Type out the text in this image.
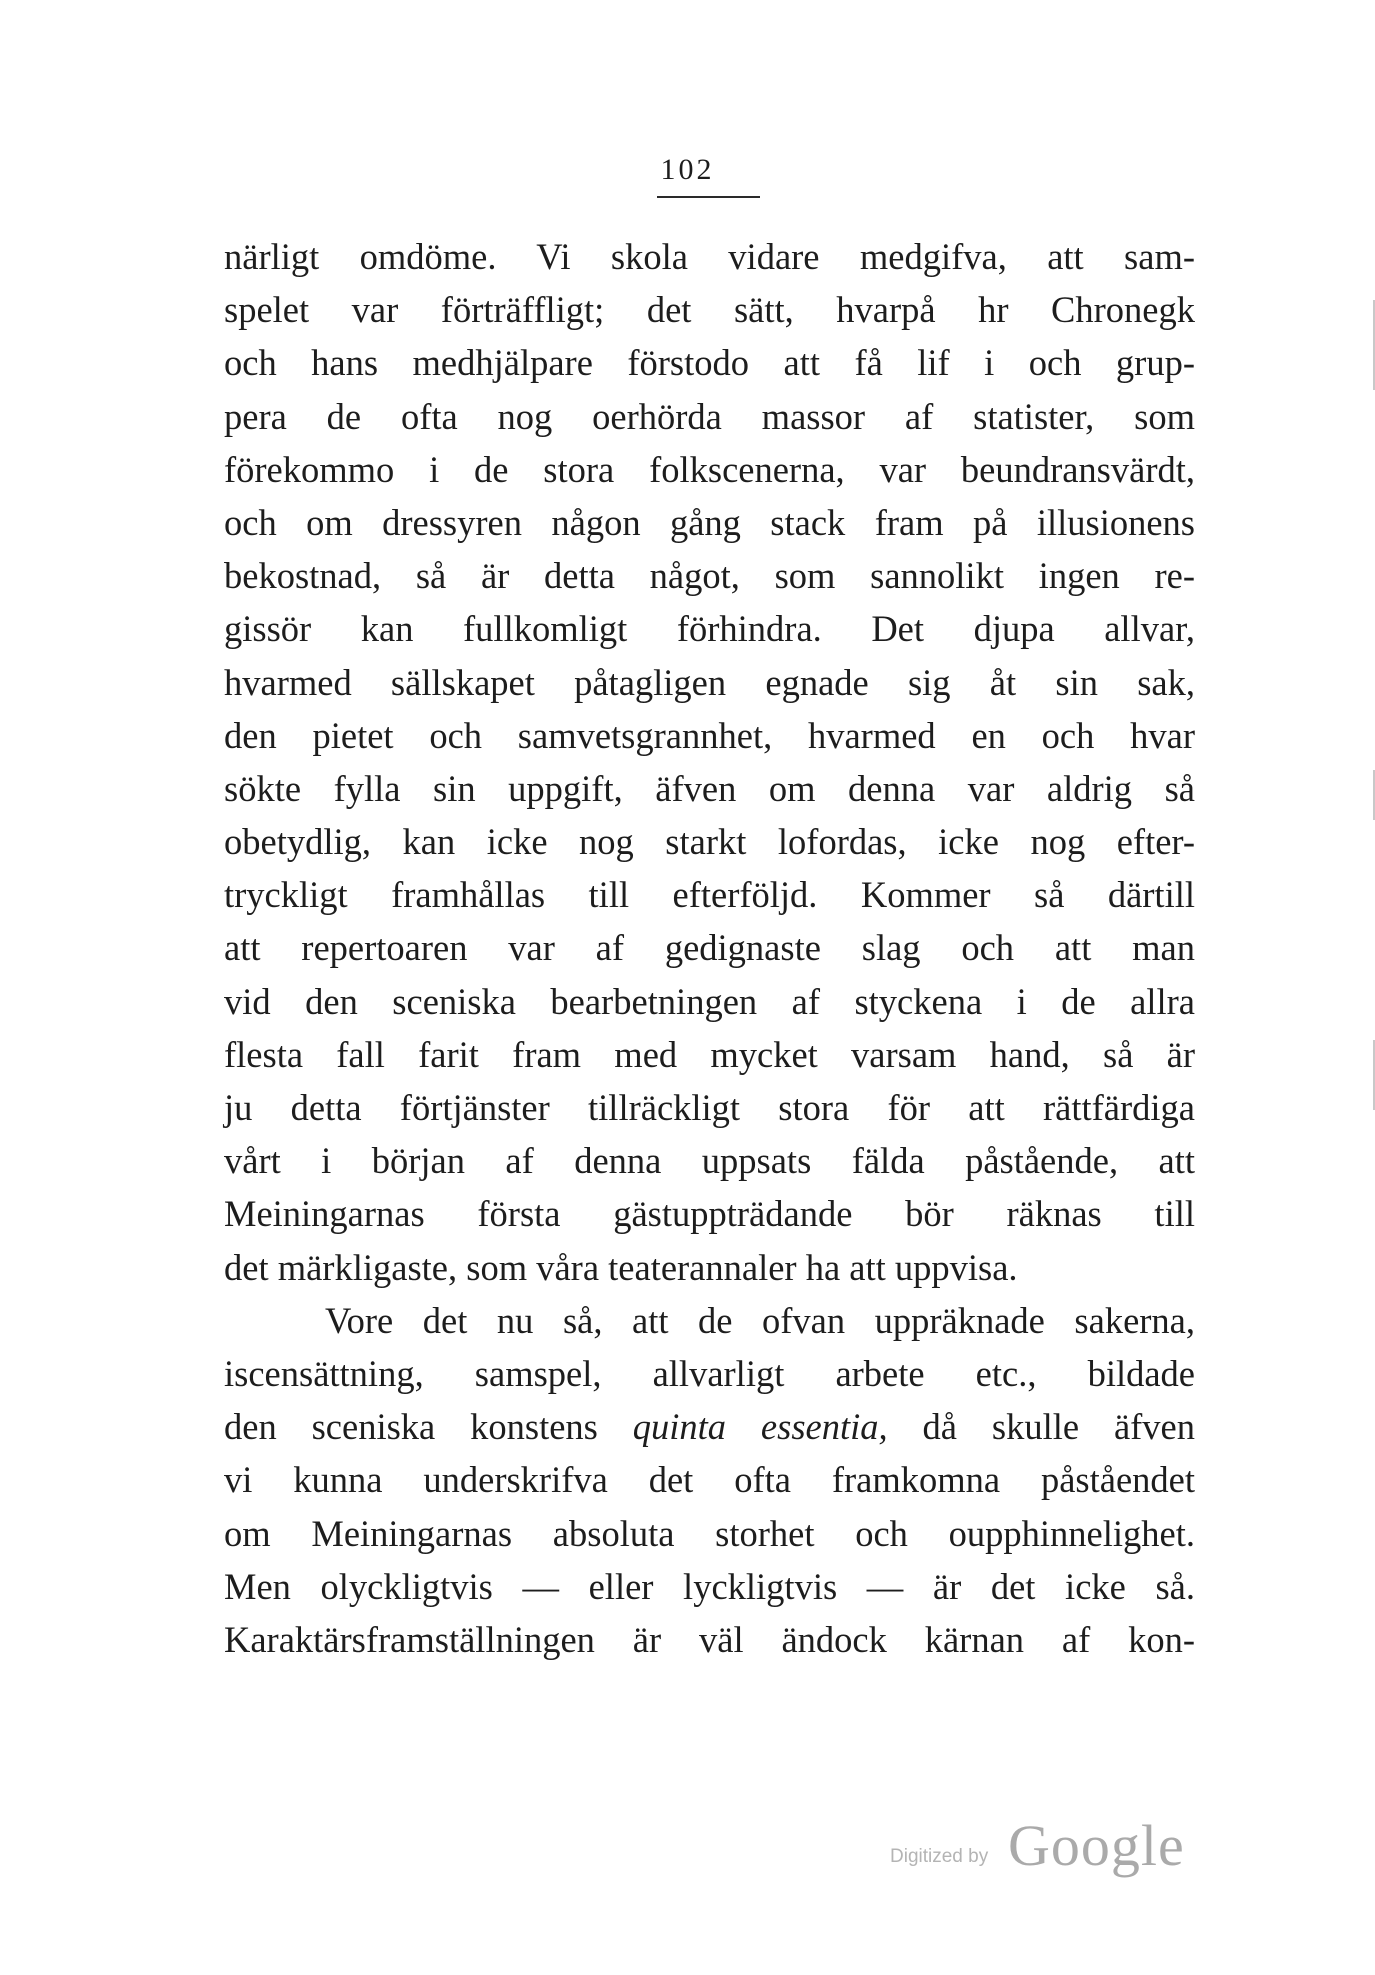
102
närligt omdöme. Vi skola vidare medgifva, att sam-
spelet var förträffligt; det sätt, hvarpå hr Chronegk
och hans medhjälpare förstodo att få lif i och grup-
pera de ofta nog oerhörda massor af statister, som
förekommo i de stora folkscenerna, var beundransvärdt,
och om dressyren någon gång stack fram på illusionens
bekostnad, så är detta något, som sannolikt ingen re-
gissör kan fullkomligt förhindra. Det djupa allvar,
hvarmed sällskapet påtagligen egnade sig åt sin sak,
den pietet och samvetsgrannhet, hvarmed en och hvar
sökte fylla sin uppgift, äfven om denna var aldrig så
obetydlig, kan icke nog starkt lofordas, icke nog efter-
tryckligt framhållas till efterföljd. Kommer så därtill
att repertoaren var af gedignaste slag och att man
vid den sceniska bearbetningen af styckena i de allra
flesta fall farit fram med mycket varsam hand, så är
ju detta förtjänster tillräckligt stora för att rättfärdiga
vårt i början af denna uppsats fälda påstående, att
Meiningarnas första gästuppträdande bör räknas till
det märkligaste, som våra teaterannaler ha att uppvisa.
Vore det nu så, att de ofvan uppräknade sakerna,
iscensättning, samspel, allvarligt arbete etc., bildade
den sceniska konstens quinta essentia, då skulle äfven
vi kunna underskrifva det ofta framkomna påståendet
om Meiningarnas absoluta storhet och oupphinnelighet.
Men olyckligtvis — eller lyckligtvis — är det icke så.
Karaktärsframställningen är väl ändock kärnan af kon-
Digitized by Google
